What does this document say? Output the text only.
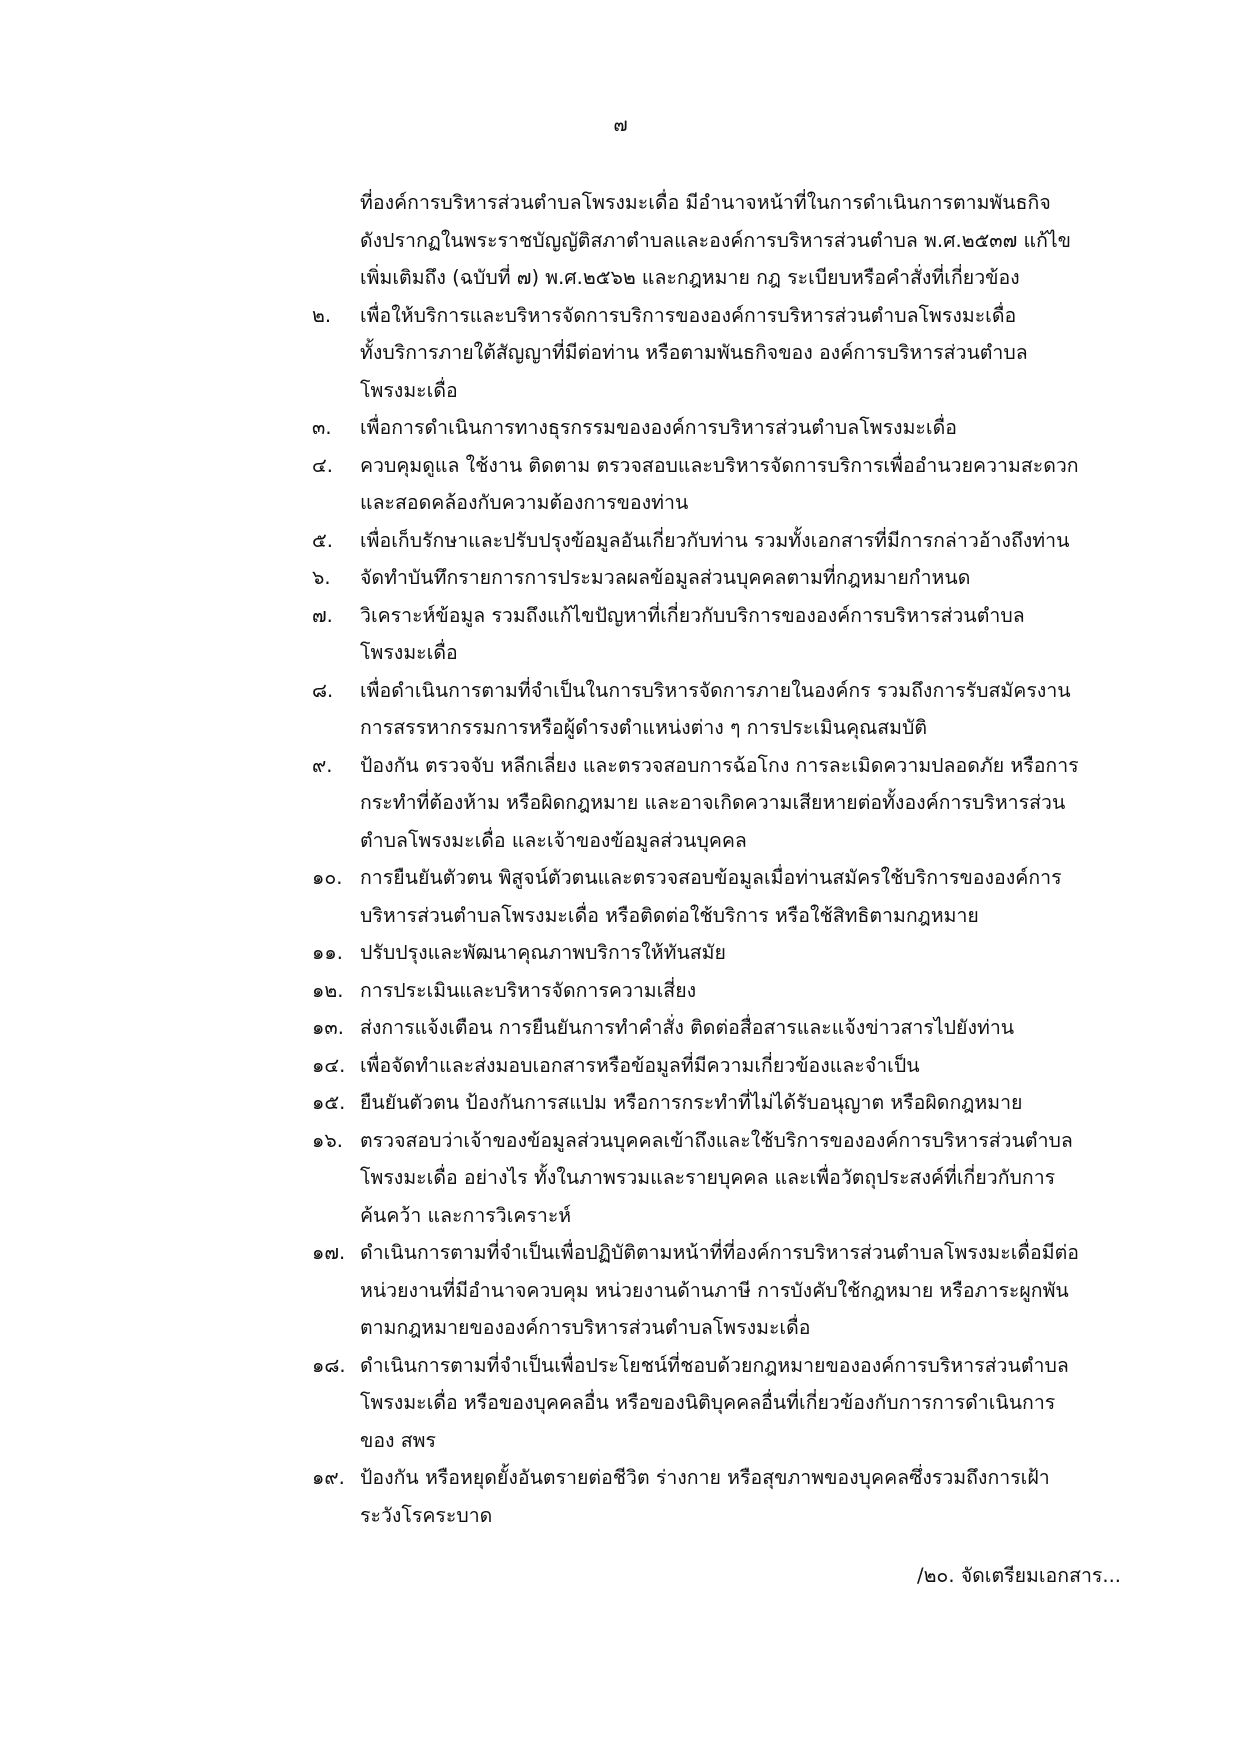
๗
ที่องค์การบริหารส่วนตำบลโพรงมะเดื่อ มีอำนาจหน้าที่ในการดำเนินการตามพันธกิจ
ดังปรากฏในพระราชบัญญัติสภาตำบลและองค์การบริหารส่วนตำบล พ.ศ.๒๕๓๗ แก้ไข
เพิ่มเติมถึง (ฉบับที่ ๗) พ.ศ.๒๕๖๒ และกฎหมาย กฎ ระเบียบหรือคำสั่งที่เกี่ยวข้อง
๒. เพื่อให้บริการและบริหารจัดการบริการขององค์การบริหารส่วนตำบลโพรงมะเดื่อ
ทั้งบริการภายใต้สัญญาที่มีต่อท่าน หรือตามพันธกิจของ องค์การบริหารส่วนตำบล
โพรงมะเดื่อ
๓. เพื่อการดำเนินการทางธุรกรรมขององค์การบริหารส่วนตำบลโพรงมะเดื่อ
๔. ควบคุมดูแล ใช้งาน ติดตาม ตรวจสอบและบริหารจัดการบริการเพื่ออำนวยความสะดวก
และสอดคล้องกับความต้องการของท่าน
๕. เพื่อเก็บรักษาและปรับปรุงข้อมูลอันเกี่ยวกับท่าน รวมทั้งเอกสารที่มีการกล่าวอ้างถึงท่าน
๖. จัดทำบันทึกรายการการประมวลผลข้อมูลส่วนบุคคลตามที่กฎหมายกำหนด
๗. วิเคราะห์ข้อมูล รวมถึงแก้ไขปัญหาที่เกี่ยวกับบริการขององค์การบริหารส่วนตำบล
โพรงมะเดื่อ
๘. เพื่อดำเนินการตามที่จำเป็นในการบริหารจัดการภายในองค์กร รวมถึงการรับสมัครงาน
การสรรหากรรมการหรือผู้ดำรงตำแหน่งต่าง ๆ การประเมินคุณสมบัติ
๙. ป้องกัน ตรวจจับ หลีกเลี่ยง และตรวจสอบการฉ้อโกง การละเมิดความปลอดภัย หรือการ
กระทำที่ต้องห้าม หรือผิดกฎหมาย และอาจเกิดความเสียหายต่อทั้งองค์การบริหารส่วน
ตำบลโพรงมะเดื่อ และเจ้าของข้อมูลส่วนบุคคล
๑๐. การยืนยันตัวตน พิสูจน์ตัวตนและตรวจสอบข้อมูลเมื่อท่านสมัครใช้บริการขององค์การ
บริหารส่วนตำบลโพรงมะเดื่อ หรือติดต่อใช้บริการ หรือใช้สิทธิตามกฎหมาย
๑๑. ปรับปรุงและพัฒนาคุณภาพบริการให้ทันสมัย
๑๒. การประเมินและบริหารจัดการความเสี่ยง
๑๓. ส่งการแจ้งเตือน การยืนยันการทำคำสั่ง ติดต่อสื่อสารและแจ้งข่าวสารไปยังท่าน
๑๔. เพื่อจัดทำและส่งมอบเอกสารหรือข้อมูลที่มีความเกี่ยวข้องและจำเป็น
๑๕. ยืนยันตัวตน ป้องกันการสแปม หรือการกระทำที่ไม่ได้รับอนุญาต หรือผิดกฎหมาย
๑๖. ตรวจสอบว่าเจ้าของข้อมูลส่วนบุคคลเข้าถึงและใช้บริการขององค์การบริหารส่วนตำบล
โพรงมะเดื่อ อย่างไร ทั้งในภาพรวมและรายบุคคล และเพื่อวัตถุประสงค์ที่เกี่ยวกับการ
ค้นคว้า และการวิเคราะห์
๑๗. ดำเนินการตามที่จำเป็นเพื่อปฏิบัติตามหน้าที่ที่องค์การบริหารส่วนตำบลโพรงมะเดื่อมีต่อ
หน่วยงานที่มีอำนาจควบคุม หน่วยงานด้านภาษี การบังคับใช้กฎหมาย หรือภาระผูกพัน
ตามกฎหมายขององค์การบริหารส่วนตำบลโพรงมะเดื่อ
๑๘. ดำเนินการตามที่จำเป็นเพื่อประโยชน์ที่ชอบด้วยกฎหมายขององค์การบริหารส่วนตำบล
โพรงมะเดื่อ หรือของบุคคลอื่น หรือของนิติบุคคลอื่นที่เกี่ยวข้องกับการการดำเนินการ
ของ สพร
๑๙. ป้องกัน หรือหยุดยั้งอันตรายต่อชีวิต ร่างกาย หรือสุขภาพของบุคคลซึ่งรวมถึงการเฝ้า
ระวังโรคระบาด
/๒๐. จัดเตรียมเอกสาร...
